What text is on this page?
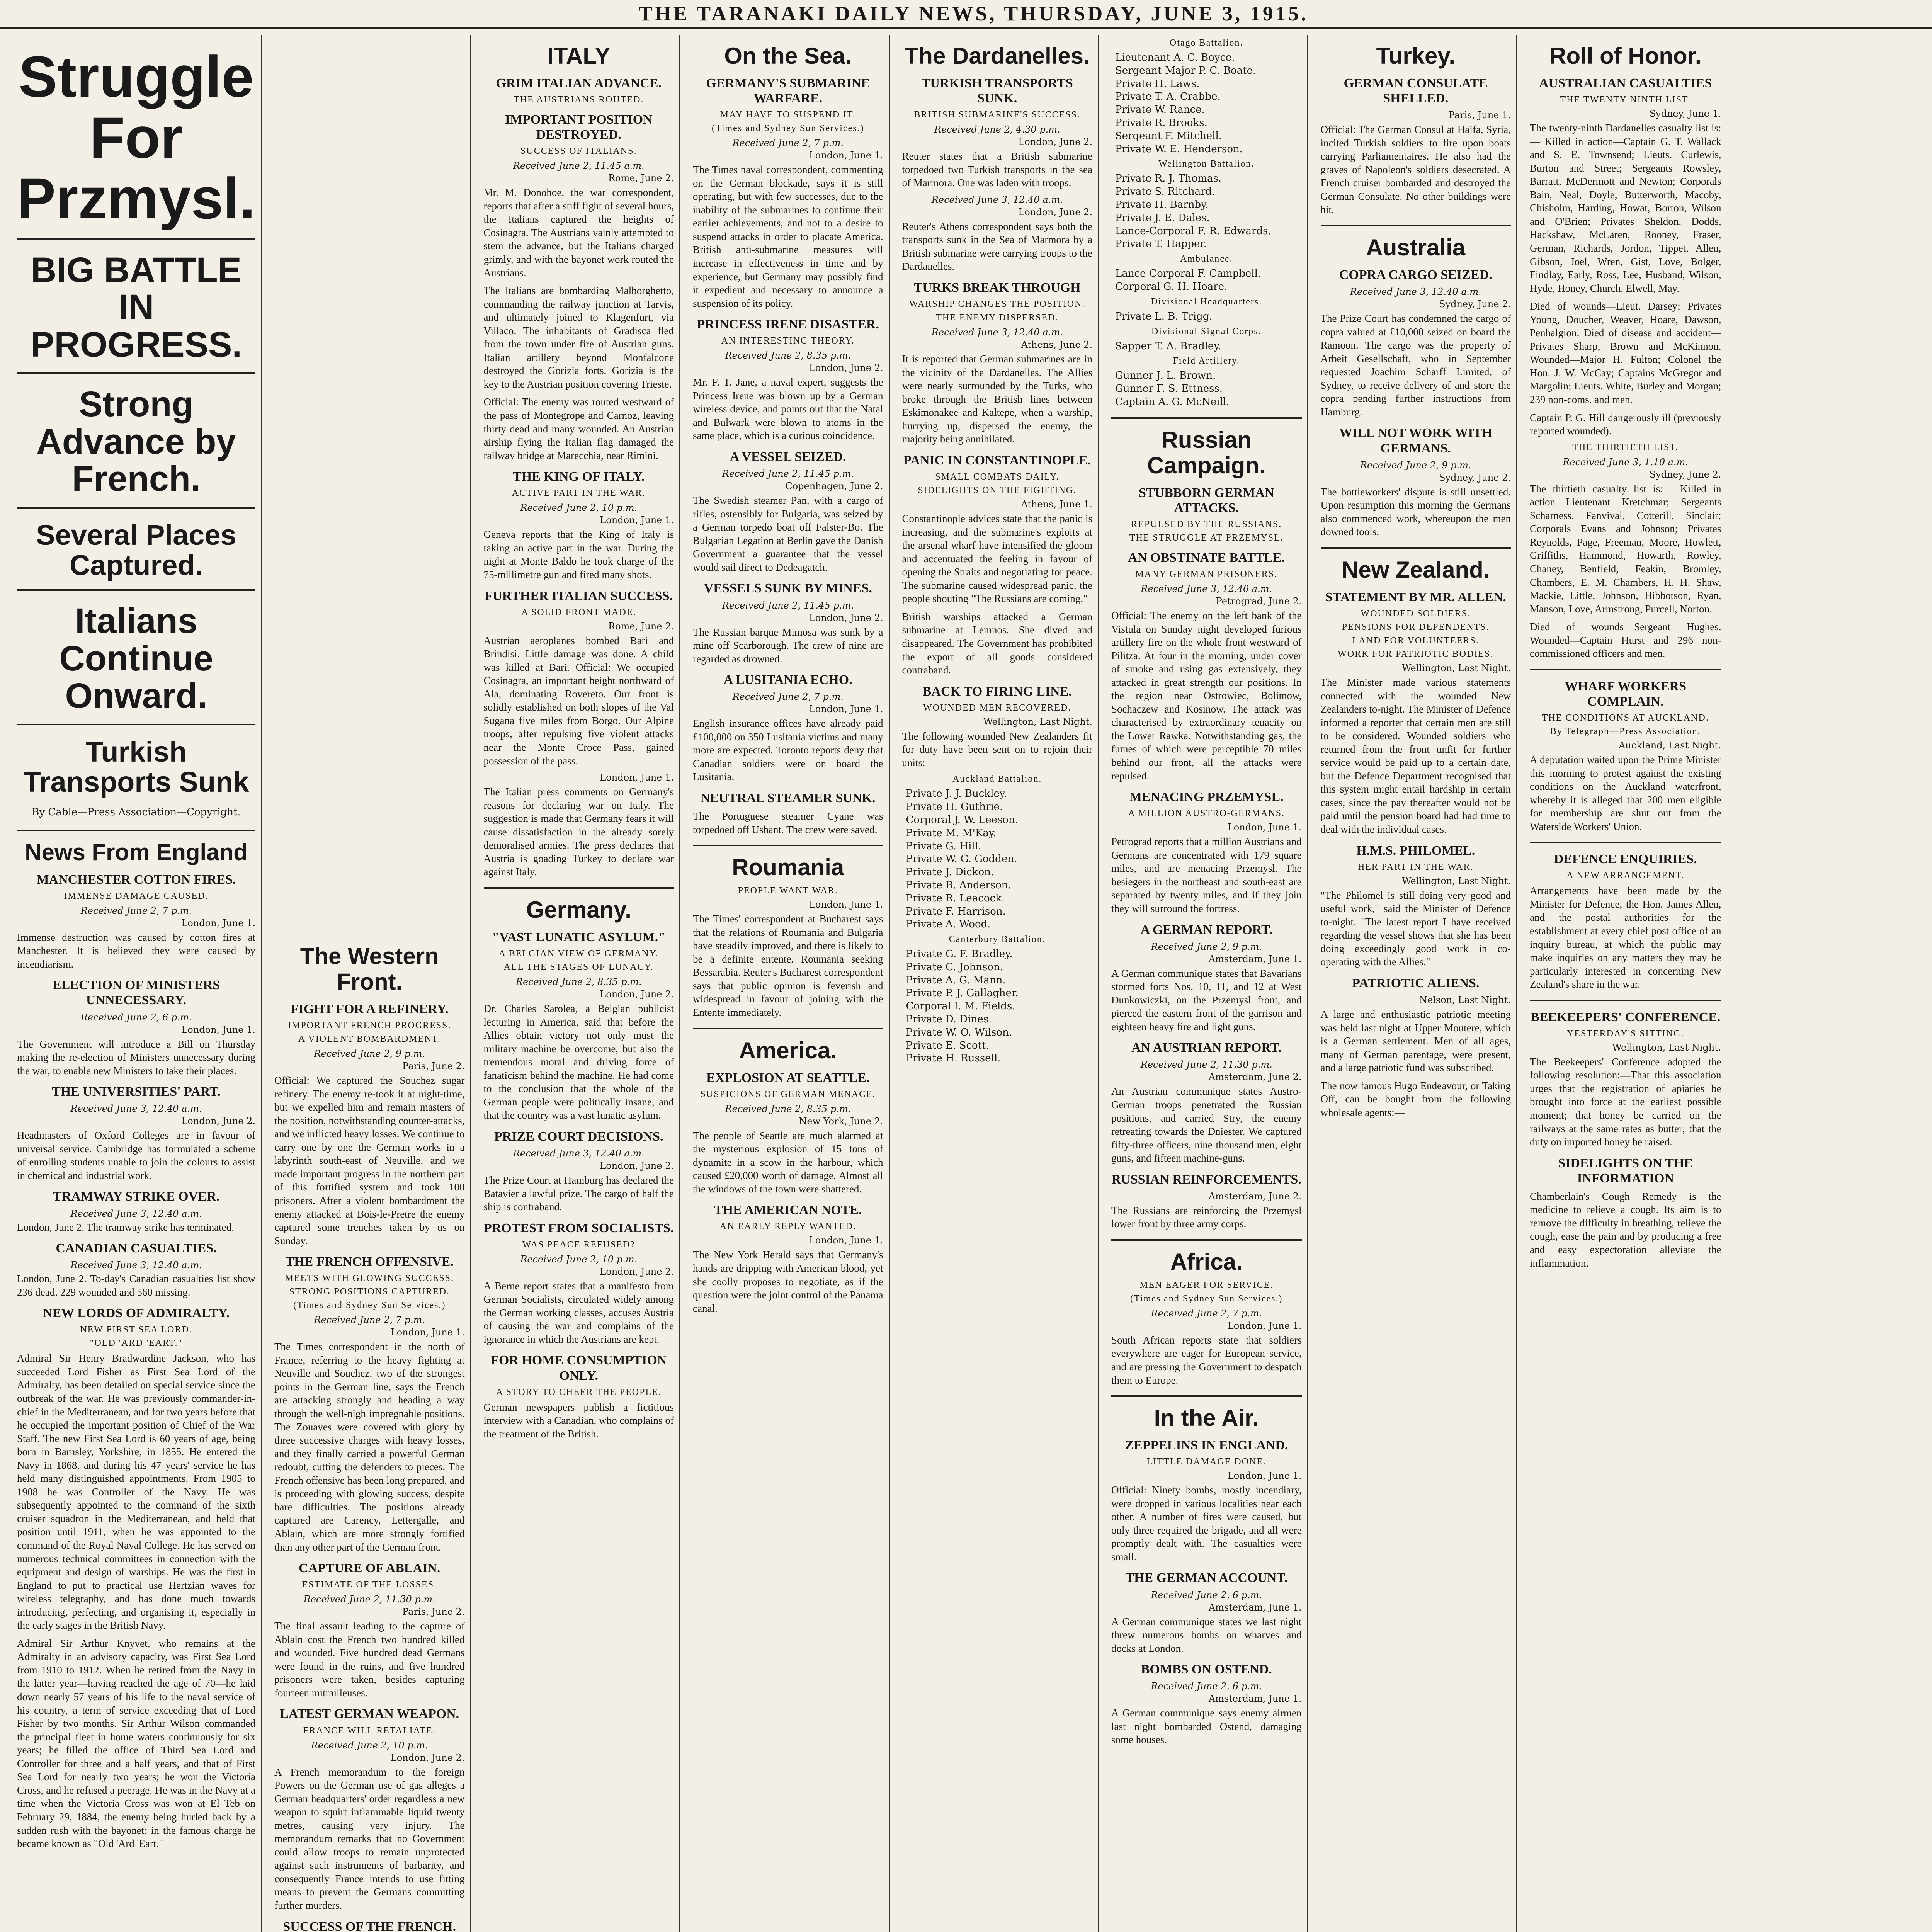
THE TARANAKI DAILY NEWS, THURSDAY, JUNE 3, 1915.
Struggle For Przmysl.
BIG BATTLE IN PROGRESS.
Strong Advance by French.
Several Places Captured.
Italians Continue Onward.
Turkish Transports Sunk
By Cable—Press Association—Copyright.
News From England
MANCHESTER COTTON FIRES.
IMMENSE DAMAGE CAUSED.
Received June 2, 7 p.m.
London, June 1.

Immense destruction was caused by cotton fires at Manchester. It is believed they were caused by incendiarism.

ELECTION OF MINISTERS UNNECESSARY.
Received June 2, 6 p.m.
London, June 1.

The Government will introduce a Bill on Thursday making the re-election of Ministers unnecessary during the war, to enable new Ministers to take their places.

THE UNIVERSITIES' PART.
Received June 3, 12.40 a.m.
London, June 2.

Headmasters of Oxford Colleges are in favour of universal service. Cambridge has formulated a scheme of enrolling students unable to join the colours to assist in chemical and industrial work.

TRAMWAY STRIKE OVER.
Received June 3, 12.40 a.m.

London, June 2. The tramway strike has terminated.

CANADIAN CASUALTIES.
Received June 3, 12.40 a.m.

London, June 2. To-day's Canadian casualties list show 236 dead, 229 wounded and 560 missing.

NEW LORDS OF ADMIRALTY.
NEW FIRST SEA LORD.
"OLD 'ARD 'EART."

Admiral Sir Henry Bradwardine Jackson, who has succeeded Lord Fisher as First Sea Lord of the Admiralty, has been detailed on special service since the outbreak of the war. He was previously commander-in-chief in the Mediterranean, and for two years before that he occupied the important position of Chief of the War Staff. The new First Sea Lord is 60 years of age, being born in Barnsley, Yorkshire, in 1855. He entered the Navy in 1868, and during his 47 years' service he has held many distinguished appointments. From 1905 to 1908 he was Controller of the Navy. He was subsequently appointed to the command of the sixth cruiser squadron in the Mediterranean, and held that position until 1911, when he was appointed to the command of the Royal Naval College. He has served on numerous technical committees in connection with the equipment and design of warships. He was the first in England to put to practical use Hertzian waves for wireless telegraphy, and has done much towards introducing, perfecting, and organising it, especially in the early stages in the British Navy.

Admiral Sir Arthur Knyvet, who remains at the Admiralty in an advisory capacity, was First Sea Lord from 1910 to 1912. When he retired from the Navy in the latter year—having reached the age of 70—he laid down nearly 57 years of his life to the naval service of his country, a term of service exceeding that of Lord Fisher by two months. Sir Arthur Wilson commanded the principal fleet in home waters continuously for six years; he filled the office of Third Sea Lord and Controller for three and a half years, and that of First Sea Lord for nearly two years; he won the Victoria Cross, and he refused a peerage. He was in the Navy at a time when the Victoria Cross was won at El Teb on February 29, 1884, the enemy being hurled back by a sudden rush with the bayonet; in the famous charge he became known as "Old 'Ard 'Eart."

The Western Front.
FIGHT FOR A REFINERY.
IMPORTANT FRENCH PROGRESS.
A VIOLENT BOMBARDMENT.
Received June 2, 9 p.m.
Paris, June 2.

Official: We captured the Souchez sugar refinery. The enemy re-took it at night-time, but we expelled him and remain masters of the position, notwithstanding counter-attacks, and we inflicted heavy losses. We continue to carry one by one the German works in a labyrinth south-east of Neuville, and we made important progress in the northern part of this fortified system and took 100 prisoners. After a violent bombardment the enemy attacked at Bois-le-Pretre the enemy captured some trenches taken by us on Sunday.

THE FRENCH OFFENSIVE.
MEETS WITH GLOWING SUCCESS.
STRONG POSITIONS CAPTURED.
(Times and Sydney Sun Services.)
Received June 2, 7 p.m.
London, June 1.

The Times correspondent in the north of France, referring to the heavy fighting at Neuville and Souchez, two of the strongest points in the German line, says the French are attacking strongly and heading a way through the well-nigh impregnable positions. The Zouaves were covered with glory by three successive charges with heavy losses, and they finally carried a powerful German redoubt, cutting the defenders to pieces. The French offensive has been long prepared, and is proceeding with glowing success, despite bare difficulties. The positions already captured are Carency, Lettergalle, and Ablain, which are more strongly fortified than any other part of the German front.

CAPTURE OF ABLAIN.
ESTIMATE OF THE LOSSES.
Received June 2, 11.30 p.m.
Paris, June 2.

The final assault leading to the capture of Ablain cost the French two hundred killed and wounded. Five hundred dead Germans were found in the ruins, and five hundred prisoners were taken, besides capturing fourteen mitrailleuses.

LATEST GERMAN WEAPON.
FRANCE WILL RETALIATE.
Received June 2, 10 p.m.
London, June 2.

A French memorandum to the foreign Powers on the German use of gas alleges a German headquarters' order regardless a new weapon to squirt inflammable liquid twenty metres, causing very injury. The memorandum remarks that no Government could allow troops to remain unprotected against such instruments of barbarity, and consequently France intends to use fitting means to prevent the Germans committing further murders.

SUCCESS OF THE FRENCH.

ITALY
GRIM ITALIAN ADVANCE.
THE AUSTRIANS ROUTED.
IMPORTANT POSITION DESTROYED.
SUCCESS OF ITALIANS.
Received June 2, 11.45 a.m.
Rome, June 2.

Mr. M. Donohoe, the war correspondent, reports that after a stiff fight of several hours, the Italians captured the heights of Cosinagra. The Austrians vainly attempted to stem the advance, but the Italians charged grimly, and with the bayonet work routed the Austrians.

The Italians are bombarding Malborghetto, commanding the railway junction at Tarvis, and ultimately joined to Klagenfurt, via Villaco. The inhabitants of Gradisca fled from the town under fire of Austrian guns. Italian artillery beyond Monfalcone destroyed the Gorizia forts. Gorizia is the key to the Austrian position covering Trieste.

Official: The enemy was routed westward of the pass of Montegrope and Carnoz, leaving thirty dead and many wounded. An Austrian airship flying the Italian flag damaged the railway bridge at Marecchia, near Rimini.

THE KING OF ITALY.
ACTIVE PART IN THE WAR.
Received June 2, 10 p.m.
London, June 1.

Geneva reports that the King of Italy is taking an active part in the war. During the night at Monte Baldo he took charge of the 75-millimetre gun and fired many shots.

FURTHER ITALIAN SUCCESS.
A SOLID FRONT MADE.
Rome, June 2.

Austrian aeroplanes bombed Bari and Brindisi. Little damage was done. A child was killed at Bari. Official: We occupied Cosinagra, an important height northward of Ala, dominating Rovereto. Our front is solidly established on both slopes of the Val Sugana five miles from Borgo. Our Alpine troops, after repulsing five violent attacks near the Monte Croce Pass, gained possession of the pass.

London, June 1.

The Italian press comments on Germany's reasons for declaring war on Italy. The suggestion is made that Germany fears it will cause dissatisfaction in the already sorely demoralised armies. The press declares that Austria is goading Turkey to declare war against Italy.

Germany.
"VAST LUNATIC ASYLUM."
A BELGIAN VIEW OF GERMANY.
ALL THE STAGES OF LUNACY.
Received June 2, 8.35 p.m.
London, June 2.

Dr. Charles Sarolea, a Belgian publicist lecturing in America, said that before the Allies obtain victory not only must the military machine be overcome, but also the tremendous moral and driving force of fanaticism behind the machine. He had come to the conclusion that the whole of the German people were politically insane, and that the country was a vast lunatic asylum.

PRIZE COURT DECISIONS.
Received June 3, 12.40 a.m.
London, June 2.

The Prize Court at Hamburg has declared the Batavier a lawful prize. The cargo of half the ship is contraband.

PROTEST FROM SOCIALISTS.
WAS PEACE REFUSED?
Received June 2, 10 p.m.
London, June 2.

A Berne report states that a manifesto from German Socialists, circulated widely among the German working classes, accuses Austria of causing the war and complains of the ignorance in which the Austrians are kept.

FOR HOME CONSUMPTION ONLY.
A STORY TO CHEER THE PEOPLE.

German newspapers publish a fictitious interview with a Canadian, who complains of the treatment of the British.

On the Sea.
GERMANY'S SUBMARINE WARFARE.
MAY HAVE TO SUSPEND IT.
(Times and Sydney Sun Services.)
Received June 2, 7 p.m.
London, June 1.

The Times naval correspondent, commenting on the German blockade, says it is still operating, but with few successes, due to the inability of the submarines to continue their earlier achievements, and not to a desire to suspend attacks in order to placate America. British anti-submarine measures will increase in effectiveness in time and by experience, but Germany may possibly find it expedient and necessary to announce a suspension of its policy.

PRINCESS IRENE DISASTER.
AN INTERESTING THEORY.
Received June 2, 8.35 p.m.
London, June 2.

Mr. F. T. Jane, a naval expert, suggests the Princess Irene was blown up by a German wireless device, and points out that the Natal and Bulwark were blown to atoms in the same place, which is a curious coincidence.

A VESSEL SEIZED.
Received June 2, 11.45 p.m.
Copenhagen, June 2.

The Swedish steamer Pan, with a cargo of rifles, ostensibly for Bulgaria, was seized by a German torpedo boat off Falster-Bo. The Bulgarian Legation at Berlin gave the Danish Government a guarantee that the vessel would sail direct to Dedeagatch.

VESSELS SUNK BY MINES.
Received June 2, 11.45 p.m.
London, June 2.

The Russian barque Mimosa was sunk by a mine off Scarborough. The crew of nine are regarded as drowned.

A LUSITANIA ECHO.
Received June 2, 7 p.m.
London, June 1.

English insurance offices have already paid £100,000 on 350 Lusitania victims and many more are expected. Toronto reports deny that Canadian soldiers were on board the Lusitania.

NEUTRAL STEAMER SUNK.

The Portuguese steamer Cyane was torpedoed off Ushant. The crew were saved.

Roumania
PEOPLE WANT WAR.
London, June 1.

The Times' correspondent at Bucharest says that the relations of Roumania and Bulgaria have steadily improved, and there is likely to be a definite entente. Roumania seeking Bessarabia. Reuter's Bucharest correspondent says that public opinion is feverish and widespread in favour of joining with the Entente immediately.

America.
EXPLOSION AT SEATTLE.
SUSPICIONS OF GERMAN MENACE.
Received June 2, 8.35 p.m.
New York, June 2.

The people of Seattle are much alarmed at the mysterious explosion of 15 tons of dynamite in a scow in the harbour, which caused £20,000 worth of damage. Almost all the windows of the town were shattered.

THE AMERICAN NOTE.
AN EARLY REPLY WANTED.
London, June 1.

The New York Herald says that Germany's hands are dripping with American blood, yet she coolly proposes to negotiate, as if the question were the joint control of the Panama canal.

The Dardanelles.
TURKISH TRANSPORTS SUNK.
BRITISH SUBMARINE'S SUCCESS.
Received June 2, 4.30 p.m.
London, June 2.

Reuter states that a British submarine torpedoed two Turkish transports in the sea of Marmora. One was laden with troops.

Received June 3, 12.40 a.m.
London, June 2.

Reuter's Athens correspondent says both the transports sunk in the Sea of Marmora by a British submarine were carrying troops to the Dardanelles.

TURKS BREAK THROUGH
WARSHIP CHANGES THE POSITION.
THE ENEMY DISPERSED.
Received June 3, 12.40 a.m.
Athens, June 2.

It is reported that German submarines are in the vicinity of the Dardanelles. The Allies were nearly surrounded by the Turks, who broke through the British lines between Eskimonakee and Kaltepe, when a warship, hurrying up, dispersed the enemy, the majority being annihilated.

PANIC IN CONSTANTINOPLE.
SMALL COMBATS DAILY.
SIDELIGHTS ON THE FIGHTING.
Athens, June 1.

Constantinople advices state that the panic is increasing, and the submarine's exploits at the arsenal wharf have intensified the gloom and accentuated the feeling in favour of opening the Straits and negotiating for peace. The submarine caused widespread panic, the people shouting "The Russians are coming."

British warships attacked a German submarine at Lemnos. She dived and disappeared. The Government has prohibited the export of all goods considered contraband.

BACK TO FIRING LINE.
WOUNDED MEN RECOVERED.
Wellington, Last Night.

The following wounded New Zealanders fit for duty have been sent on to rejoin their units:—

Auckland Battalion.
Private J. J. Buckley.
Private H. Guthrie.
Corporal J. W. Leeson.
Private M. M'Kay.
Private G. Hill.
Private W. G. Godden.
Private J. Dickon.
Private B. Anderson.
Private R. Leacock.
Private F. Harrison.
Private A. Wood.
Canterbury Battalion.
Private G. F. Bradley.
Private C. Johnson.
Private A. G. Mann.
Private P. J. Gallagher.
Corporal I. M. Fields.
Private D. Dines.
Private W. O. Wilson.
Private E. Scott.
Private H. Russell.
Otago Battalion.
Lieutenant A. C. Boyce.
Sergeant-Major P. C. Boate.
Private H. Laws.
Private T. A. Crabbe.
Private W. Rance.
Private R. Brooks.
Sergeant F. Mitchell.
Private W. E. Henderson.
Wellington Battalion.
Private R. J. Thomas.
Private S. Ritchard.
Private H. Barnby.
Private J. E. Dales.
Lance-Corporal F. R. Edwards.
Private T. Happer.
Ambulance.
Lance-Corporal F. Campbell.
Corporal G. H. Hoare.
Divisional Headquarters.
Private L. B. Trigg.
Divisional Signal Corps.
Sapper T. A. Bradley.
Field Artillery.
Gunner J. L. Brown.
Gunner F. S. Ettness.
Captain A. G. McNeill.
Russian Campaign.
STUBBORN GERMAN ATTACKS.
REPULSED BY THE RUSSIANS.
THE STRUGGLE AT PRZEMYSL.
AN OBSTINATE BATTLE.
MANY GERMAN PRISONERS.
Received June 3, 12.40 a.m.
Petrograd, June 2.

Official: The enemy on the left bank of the Vistula on Sunday night developed furious artillery fire on the whole front westward of Pilitza. At four in the morning, under cover of smoke and using gas extensively, they attacked in great strength our positions. In the region near Ostrowiec, Bolimow, Sochaczew and Kosinow. The attack was characterised by extraordinary tenacity on the Lower Rawka. Notwithstanding gas, the fumes of which were perceptible 70 miles behind our front, all the attacks were repulsed.

MENACING PRZEMYSL.
A MILLION AUSTRO-GERMANS.
London, June 1.

Petrograd reports that a million Austrians and Germans are concentrated with 179 square miles, and are menacing Przemysl. The besiegers in the northeast and south-east are separated by twenty miles, and if they join they will surround the fortress.

A GERMAN REPORT.
Received June 2, 9 p.m.
Amsterdam, June 1.

A German communique states that Bavarians stormed forts Nos. 10, 11, and 12 at West Dunkowiczki, on the Przemysl front, and pierced the eastern front of the garrison and eighteen heavy fire and light guns.

AN AUSTRIAN REPORT.
Received June 2, 11.30 p.m.
Amsterdam, June 2.

An Austrian communique states Austro-German troops penetrated the Russian positions, and carried Stry, the enemy retreating towards the Dniester. We captured fifty-three officers, nine thousand men, eight guns, and fifteen machine-guns.

RUSSIAN REINFORCEMENTS.
Amsterdam, June 2.

The Russians are reinforcing the Przemysl lower front by three army corps.

Africa.
MEN EAGER FOR SERVICE.
(Times and Sydney Sun Services.)
Received June 2, 7 p.m.
London, June 1.

South African reports state that soldiers everywhere are eager for European service, and are pressing the Government to despatch them to Europe.

In the Air.
ZEPPELINS IN ENGLAND.
LITTLE DAMAGE DONE.
London, June 1.

Official: Ninety bombs, mostly incendiary, were dropped in various localities near each other. A number of fires were caused, but only three required the brigade, and all were promptly dealt with. The casualties were small.

THE GERMAN ACCOUNT.
Received June 2, 6 p.m.
Amsterdam, June 1.

A German communique states we last night threw numerous bombs on wharves and docks at London.

BOMBS ON OSTEND.
Received June 2, 6 p.m.
Amsterdam, June 1.

A German communique says enemy airmen last night bombarded Ostend, damaging some houses.

Turkey.
GERMAN CONSULATE SHELLED.
Paris, June 1.

Official: The German Consul at Haifa, Syria, incited Turkish soldiers to fire upon boats carrying Parliamentaires. He also had the graves of Napoleon's soldiers desecrated. A French cruiser bombarded and destroyed the German Consulate. No other buildings were hit.

Australia
COPRA CARGO SEIZED.
Received June 3, 12.40 a.m.
Sydney, June 2.

The Prize Court has condemned the cargo of copra valued at £10,000 seized on board the Ramoon. The cargo was the property of Arbeit Gesellschaft, who in September requested Joachim Scharff Limited, of Sydney, to receive delivery of and store the copra pending further instructions from Hamburg.

WILL NOT WORK WITH GERMANS.
Received June 2, 9 p.m.
Sydney, June 2.

The bottleworkers' dispute is still unsettled. Upon resumption this morning the Germans also commenced work, whereupon the men downed tools.

New Zealand.
STATEMENT BY MR. ALLEN.
WOUNDED SOLDIERS.
PENSIONS FOR DEPENDENTS.
LAND FOR VOLUNTEERS.
WORK FOR PATRIOTIC BODIES.
Wellington, Last Night.

The Minister made various statements connected with the wounded New Zealanders to-night. The Minister of Defence informed a reporter that certain men are still to be considered. Wounded soldiers who returned from the front unfit for further service would be paid up to a certain date, but the Defence Department recognised that this system might entail hardship in certain cases, since the pay thereafter would not be paid until the pension board had had time to deal with the individual cases.

H.M.S. PHILOMEL.
HER PART IN THE WAR.
Wellington, Last Night.

"The Philomel is still doing very good and useful work," said the Minister of Defence to-night. "The latest report I have received regarding the vessel shows that she has been doing exceedingly good work in co-operating with the Allies."

PATRIOTIC ALIENS.
Nelson, Last Night.

A large and enthusiastic patriotic meeting was held last night at Upper Moutere, which is a German settlement. Men of all ages, many of German parentage, were present, and a large patriotic fund was subscribed.

The now famous Hugo Endeavour, or Taking Off, can be bought from the following wholesale agents:—

Roll of Honor.
AUSTRALIAN CASUALTIES
THE TWENTY-NINTH LIST.
Sydney, June 1.

The twenty-ninth Dardanelles casualty list is:— Killed in action—Captain G. T. Wallack and S. E. Townsend; Lieuts. Curlewis, Burton and Street; Sergeants Rowsley, Barratt, McDermott and Newton; Corporals Bain, Neal, Doyle, Butterworth, Macoby, Chisholm, Harding, Howat, Borton, Wilson and O'Brien; Privates Sheldon, Dodds, Hackshaw, McLaren, Rooney, Fraser, German, Richards, Jordon, Tippet, Allen, Gibson, Joel, Wren, Gist, Love, Bolger, Findlay, Early, Ross, Lee, Husband, Wilson, Hyde, Honey, Church, Elwell, May.

Died of wounds—Lieut. Darsey; Privates Young, Doucher, Weaver, Hoare, Dawson, Penhalgion. Died of disease and accident—Privates Sharp, Brown and McKinnon. Wounded—Major H. Fulton; Colonel the Hon. J. W. McCay; Captains McGregor and Margolin; Lieuts. White, Burley and Morgan; 239 non-coms. and men.

Captain P. G. Hill dangerously ill (previously reported wounded).

THE THIRTIETH LIST.
Received June 3, 1.10 a.m.
Sydney, June 2.

The thirtieth casualty list is:— Killed in action—Lieutenant Kretchmar; Sergeants Scharness, Fanvival, Cotterill, Sinclair; Corporals Evans and Johnson; Privates Reynolds, Page, Freeman, Moore, Howlett, Griffiths, Hammond, Howarth, Rowley, Chaney, Benfield, Feakin, Bromley, Chambers, E. M. Chambers, H. H. Shaw, Mackie, Little, Johnson, Hibbotson, Ryan, Manson, Love, Armstrong, Purcell, Norton.

Died of wounds—Sergeant Hughes. Wounded—Captain Hurst and 296 non-commissioned officers and men.

WHARF WORKERS COMPLAIN.
THE CONDITIONS AT AUCKLAND.
By Telegraph—Press Association.
Auckland, Last Night.

A deputation waited upon the Prime Minister this morning to protest against the existing conditions on the Auckland waterfront, whereby it is alleged that 200 men eligible for membership are shut out from the Waterside Workers' Union.

DEFENCE ENQUIRIES.
A NEW ARRANGEMENT.

Arrangements have been made by the Minister for Defence, the Hon. James Allen, and the postal authorities for the establishment at every chief post office of an inquiry bureau, at which the public may make inquiries on any matters they may be particularly interested in concerning New Zealand's share in the war.

BEEKEEPERS' CONFERENCE.
YESTERDAY'S SITTING.
Wellington, Last Night.

The Beekeepers' Conference adopted the following resolution:—That this association urges that the registration of apiaries be brought into force at the earliest possible moment; that honey be carried on the railways at the same rates as butter; that the duty on imported honey be raised.

SIDELIGHTS ON THE INFORMATION

Chamberlain's Cough Remedy is the medicine to relieve a cough. Its aim is to remove the difficulty in breathing, relieve the cough, ease the pain and by producing a free and easy expectoration alleviate the inflammation.
